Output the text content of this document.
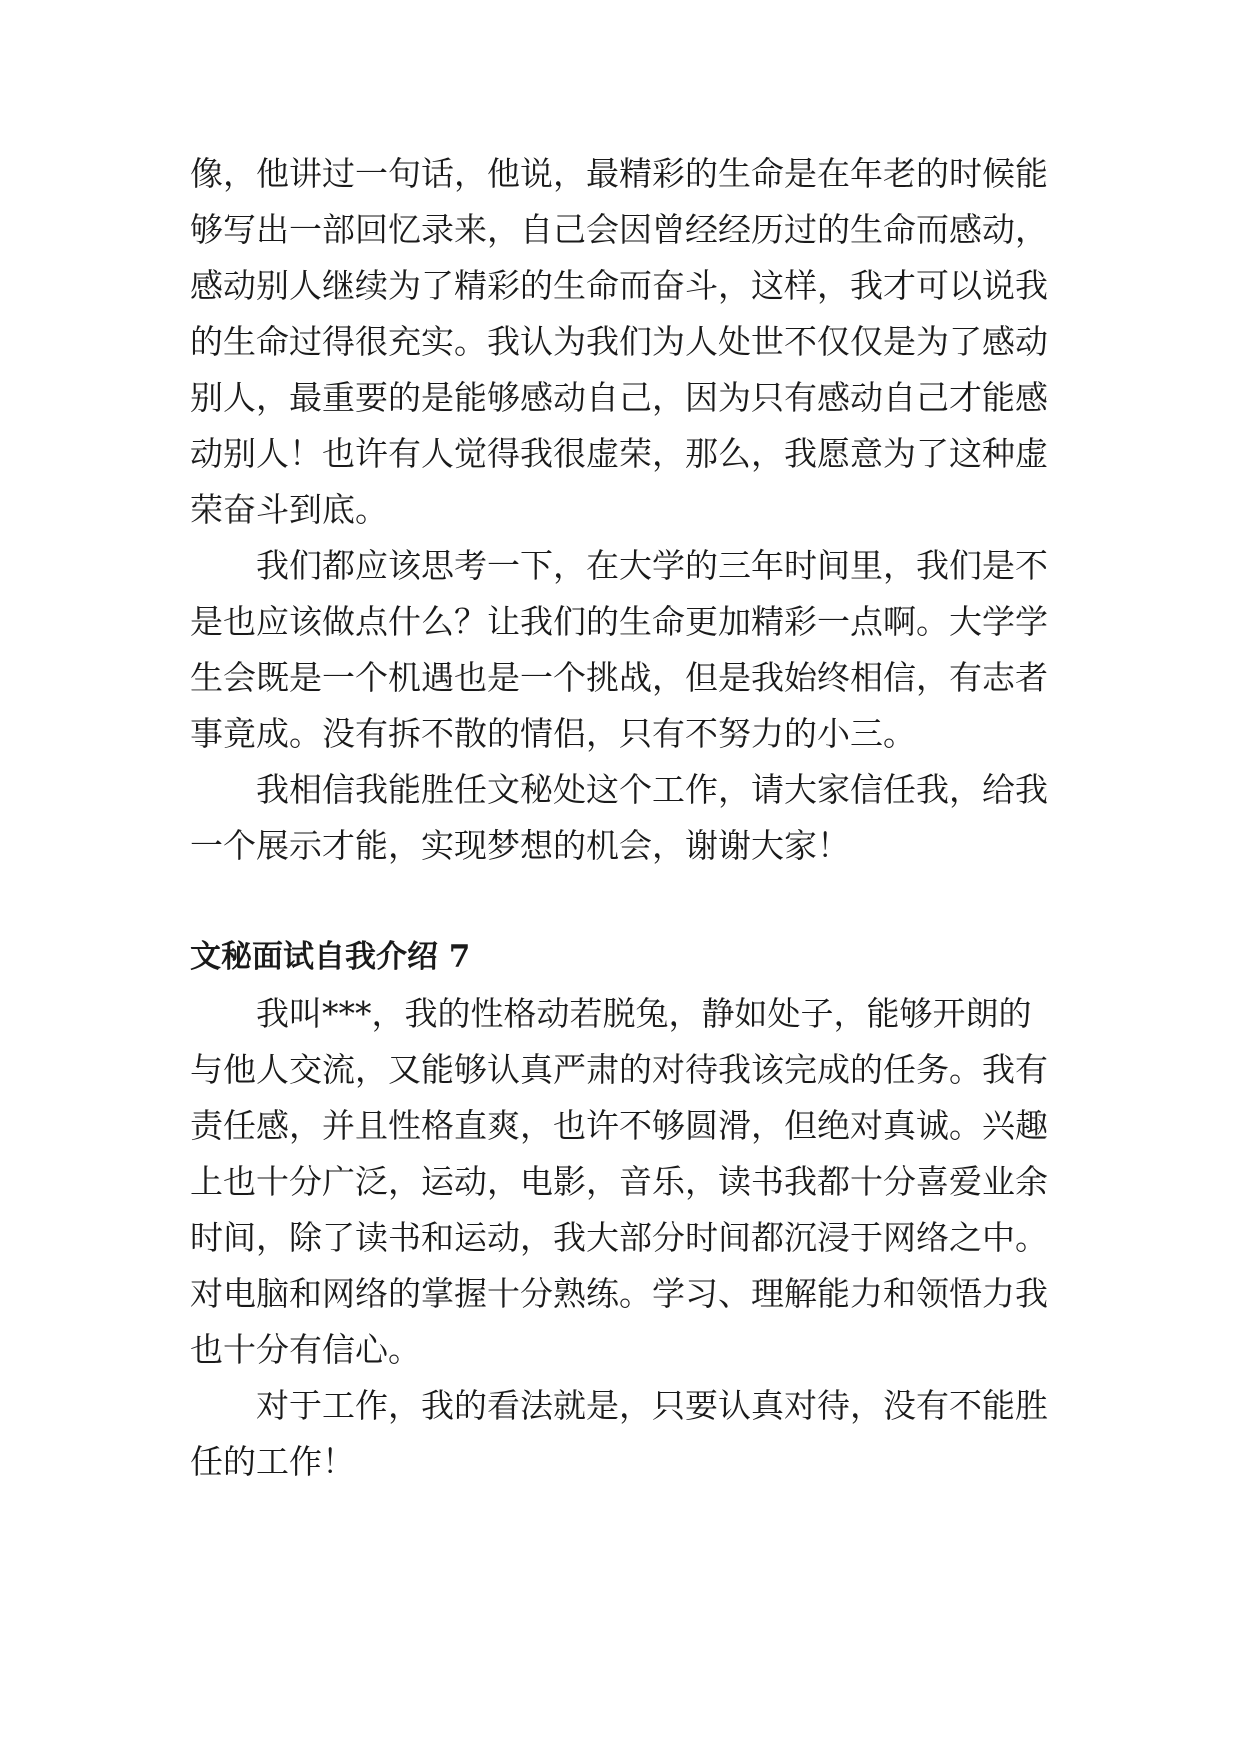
像，他讲过一句话，他说，最精彩的生命是在年老的时候能

够写出一部回忆录来，自己会因曾经经历过的生命而感动，

感动别人继续为了精彩的生命而奋斗，这样，我才可以说我

的生命过得很充实。我认为我们为人处世不仅仅是为了感动

别人，最重要的是能够感动自己，因为只有感动自己才能感

动别人！也许有人觉得我很虚荣，那么，我愿意为了这种虚

荣奋斗到底。

我们都应该思考一下，在大学的三年时间里，我们是不

是也应该做点什么？让我们的生命更加精彩一点啊。大学学

生会既是一个机遇也是一个挑战，但是我始终相信，有志者

事竟成。没有拆不散的情侣，只有不努力的小三。

我相信我能胜任文秘处这个工作，请大家信任我，给我

一个展示才能，实现梦想的机会，谢谢大家！

文秘面试自我介绍 7

我叫***，我的性格动若脱兔，静如处子，能够开朗的

与他人交流，又能够认真严肃的对待我该完成的任务。我有

责任感，并且性格直爽，也许不够圆滑，但绝对真诚。兴趣

上也十分广泛，运动，电影，音乐，读书我都十分喜爱业余

时间，除了读书和运动，我大部分时间都沉浸于网络之中。

对电脑和网络的掌握十分熟练。学习、理解能力和领悟力我

也十分有信心。

对于工作，我的看法就是，只要认真对待，没有不能胜

任的工作！
